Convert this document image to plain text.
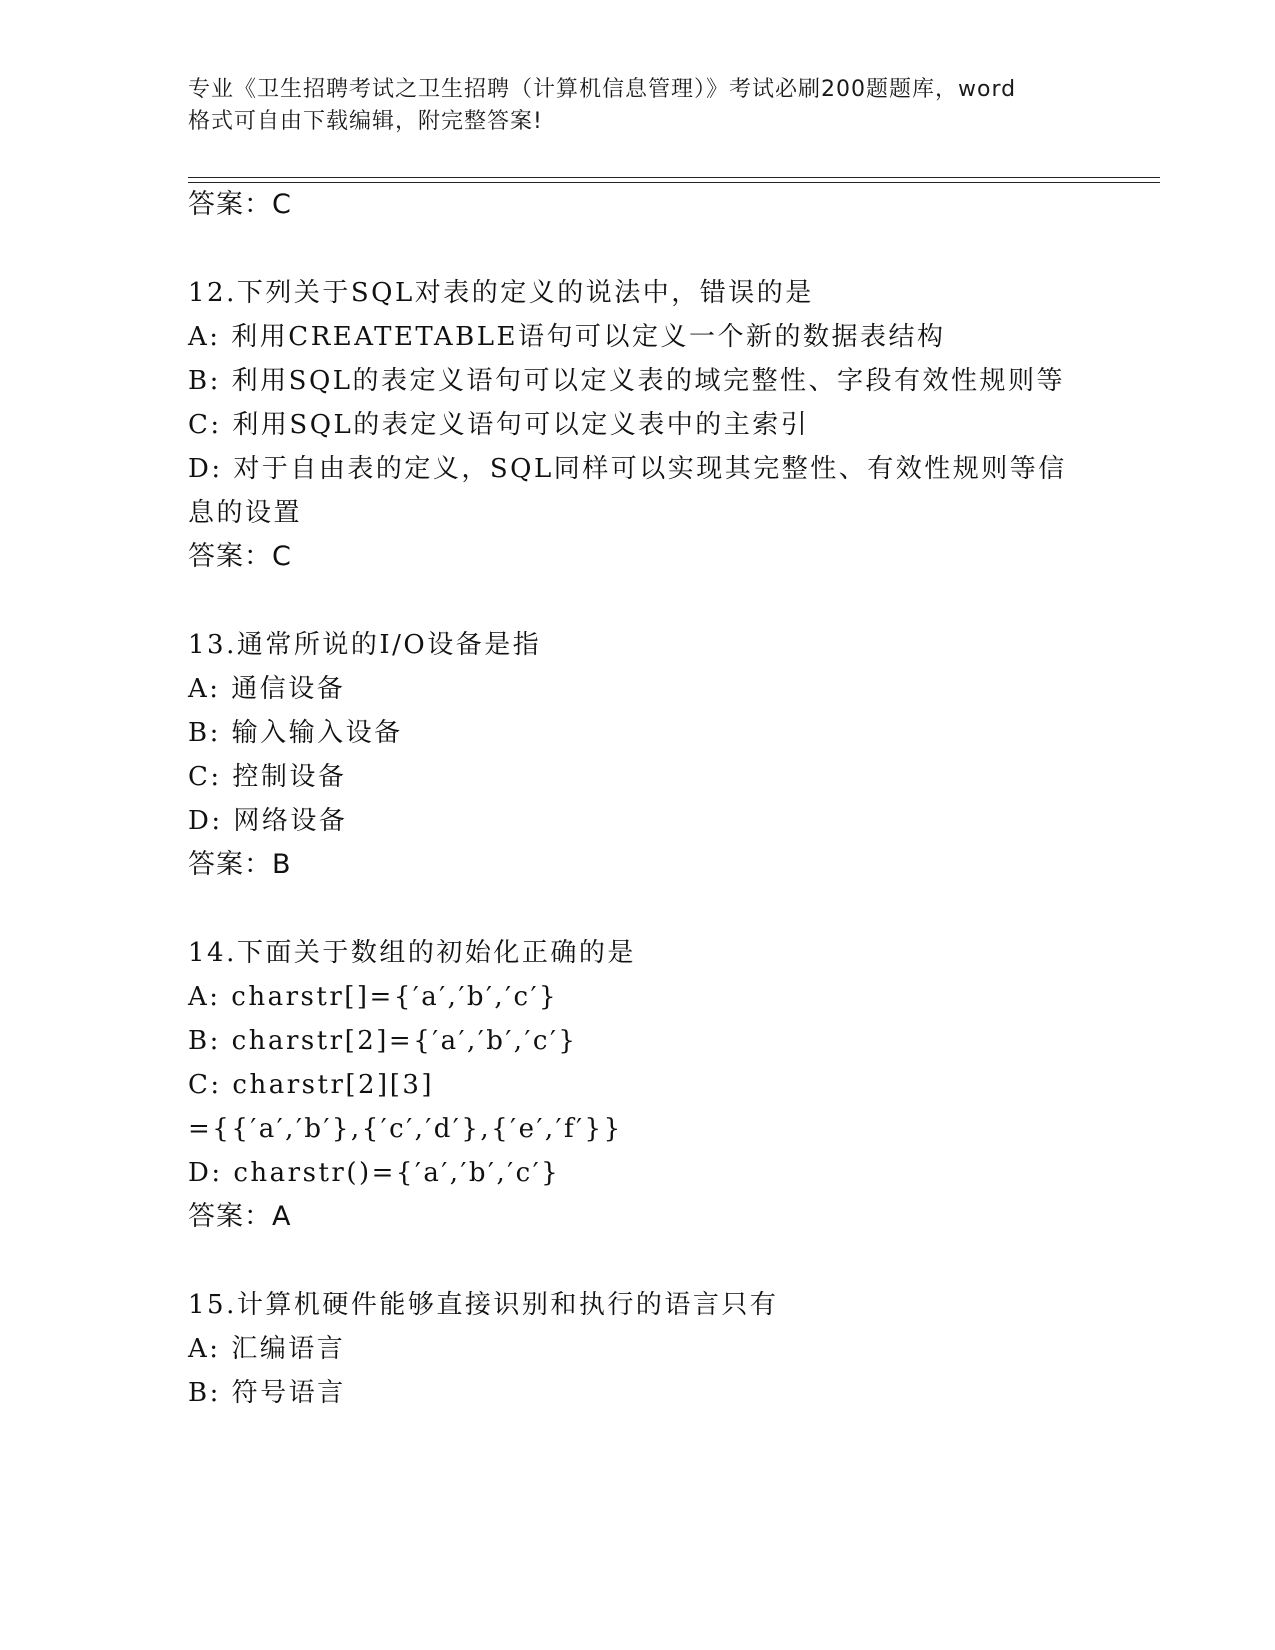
专业《卫生招聘考试之卫生招聘（计算机信息管理）》考试必刷200题题库，word
格式可自由下载编辑，附完整答案!
答案：C
12.下列关于SQL对表的定义的说法中，错误的是
A: 利用CREATETABLE语句可以定义一个新的数据表结构
B: 利用SQL的表定义语句可以定义表的域完整性、字段有效性规则等
C: 利用SQL的表定义语句可以定义表中的主索引
D: 对于自由表的定义，SQL同样可以实现其完整性、有效性规则等信
息的设置
答案：C
13.通常所说的I/O设备是指
A: 通信设备
B: 输入输入设备
C: 控制设备
D: 网络设备
答案：B
14.下面关于数组的初始化正确的是
A: charstr[]={′a′,′b′,′c′}
B: charstr[2]={′a′,′b′,′c′}
C: charstr[2][3]
={{′a′,′b′},{′c′,′d′},{′e′,′f′}}
D: charstr()={′a′,′b′,′c′}
答案：A
15.计算机硬件能够直接识别和执行的语言只有
A: 汇编语言
B: 符号语言
